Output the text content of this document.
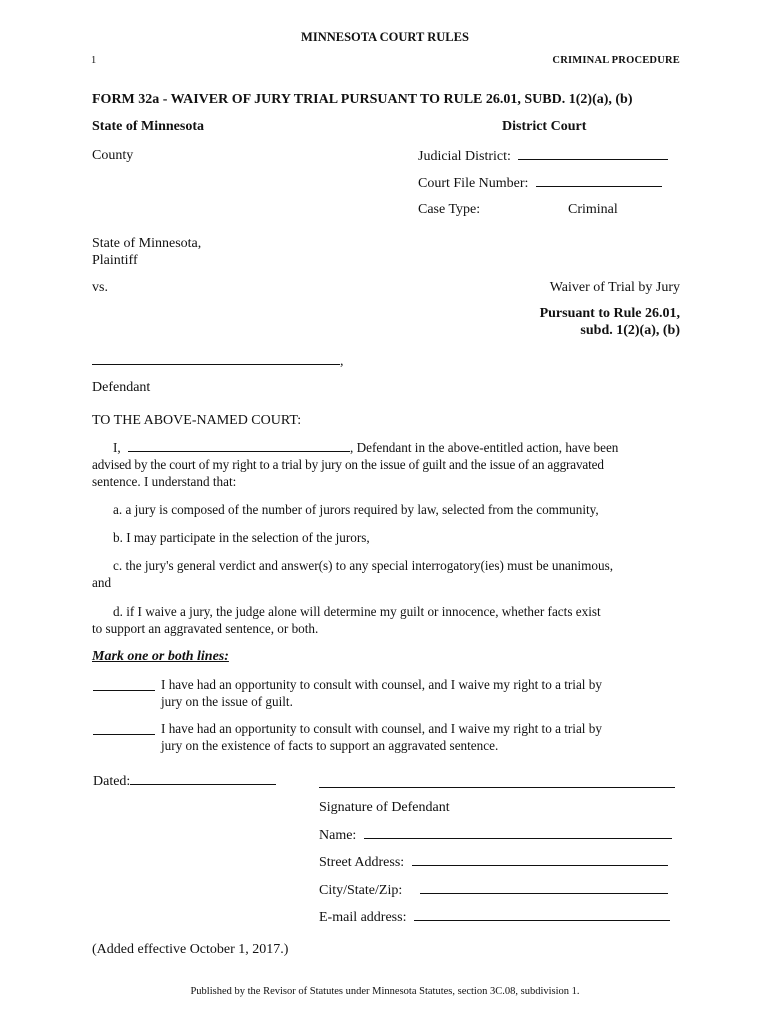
MINNESOTA COURT RULES
1	CRIMINAL PROCEDURE
FORM 32a - WAIVER OF JURY TRIAL PURSUANT TO RULE 26.01, SUBD. 1(2)(a), (b)
State of Minnesota	District Court
County	Judicial District:
Court File Number:
Case Type:	Criminal
State of Minnesota,
Plaintiff
vs.	Waiver of Trial by Jury
Pursuant to Rule 26.01,
subd. 1(2)(a), (b)
,
Defendant
TO THE ABOVE-NAMED COURT:
I,	, Defendant in the above-entitled action, have been
advised by the court of my right to a trial by jury on the issue of guilt and the issue of an aggravated
sentence. I understand that:
a. a jury is composed of the number of jurors required by law, selected from the community,
b. I may participate in the selection of the jurors,
c. the jury's general verdict and answer(s) to any special interrogatory(ies) must be unanimous,
and
d. if I waive a jury, the judge alone will determine my guilt or innocence, whether facts exist
to support an aggravated sentence, or both.
Mark one or both lines:
I have had an opportunity to consult with counsel, and I waive my right to a trial by
jury on the issue of guilt.
I have had an opportunity to consult with counsel, and I waive my right to a trial by
jury on the existence of facts to support an aggravated sentence.
Dated:
Signature of Defendant
Name:
Street Address:
City/State/Zip:
E-mail address:
(Added effective October 1, 2017.)
Published by the Revisor of Statutes under Minnesota Statutes, section 3C.08, subdivision 1.
